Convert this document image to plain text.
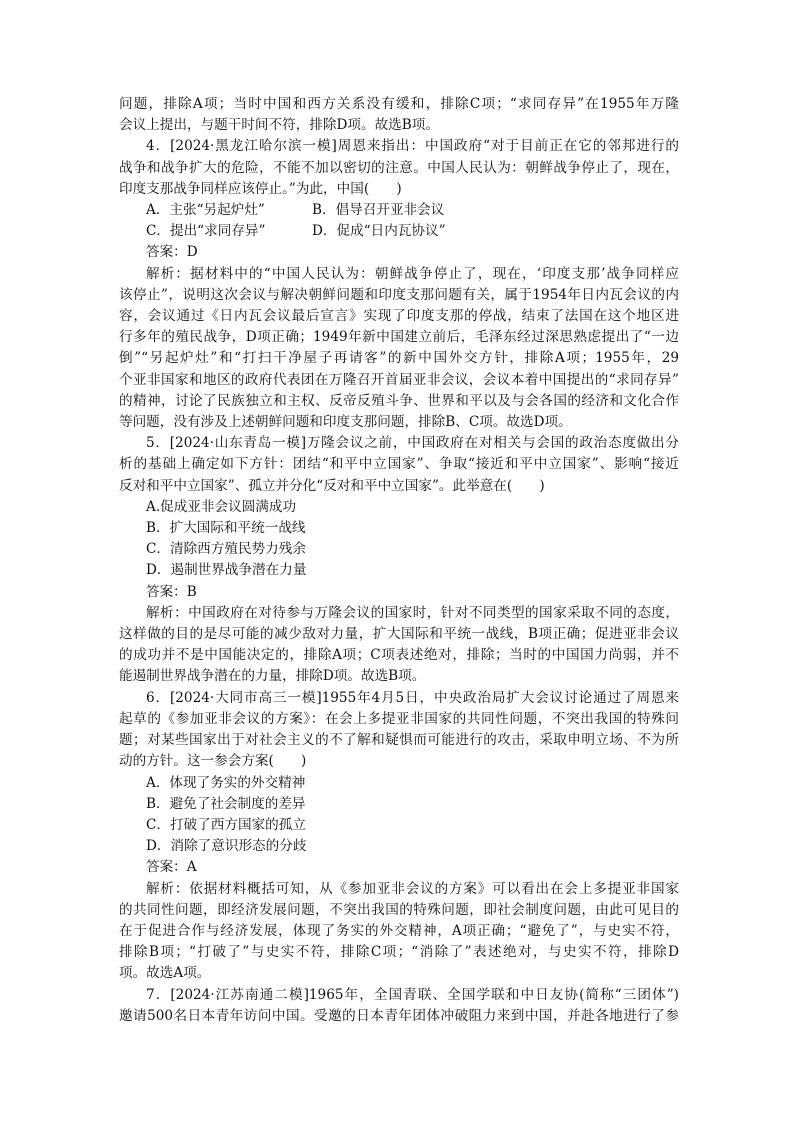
问题，排除A项；当时中国和西方关系没有缓和，排除C项；“求同存异”在1955年万隆
会议上提出，与题干时间不符，排除D项。故选B项。
4．[2024·黑龙江哈尔滨一模]周恩来指出：中国政府“对于目前正在它的邻邦进行的
战争和战争扩大的危险，不能不加以密切的注意。中国人民认为：朝鲜战争停止了，现在，
印度支那战争同样应该停止。”为此，中国(　　)
A．主张“另起炉灶”	B．倡导召开亚非会议
C．提出“求同存异”	D．促成“日内瓦协议”
答案：D
解析：据材料中的“中国人民认为：朝鲜战争停止了，现在，‘印度支那’战争同样应
该停止”，说明这次会议与解决朝鲜问题和印度支那问题有关，属于1954年日内瓦会议的内
容，会议通过《日内瓦会议最后宣言》实现了印度支那的停战，结束了法国在这个地区进
行多年的殖民战争，D项正确；1949年新中国建立前后，毛泽东经过深思熟虑提出了“一边
倒”“另起炉灶”和“打扫干净屋子再请客”的新中国外交方针，排除A项；1955年，29
个亚非国家和地区的政府代表团在万隆召开首届亚非会议，会议本着中国提出的“求同存异”
的精神，讨论了民族独立和主权、反帝反殖斗争、世界和平以及与会各国的经济和文化合作
等问题，没有涉及上述朝鲜问题和印度支那问题，排除B、C项。故选D项。
5．[2024·山东青岛一模]万隆会议之前，中国政府在对相关与会国的政治态度做出分
析的基础上确定如下方针：团结“和平中立国家”、争取“接近和平中立国家”、影响“接近
反对和平中立国家”、孤立并分化“反对和平中立国家”。此举意在(　　)
A.促成亚非会议圆满成功
B．扩大国际和平统一战线
C．清除西方殖民势力残余
D．遏制世界战争潜在力量
答案：B
解析：中国政府在对待参与万隆会议的国家时，针对不同类型的国家采取不同的态度，
这样做的目的是尽可能的减少敌对力量，扩大国际和平统一战线，B项正确；促进亚非会议
的成功并不是中国能决定的，排除A项；C项表述绝对，排除；当时的中国国力尚弱，并不
能遏制世界战争潜在的力量，排除D项。故选B项。
6．[2024·大同市高三一模]1955年4月5日，中央政治局扩大会议讨论通过了周恩来
起草的《参加亚非会议的方案》：在会上多提亚非国家的共同性问题，不突出我国的特殊问
题；对某些国家出于对社会主义的不了解和疑惧而可能进行的攻击，采取申明立场、不为所
动的方针。这一参会方案(　　)
A．体现了务实的外交精神
B．避免了社会制度的差异
C．打破了西方国家的孤立
D．消除了意识形态的分歧
答案：A
解析：依据材料概括可知，从《参加亚非会议的方案》可以看出在会上多提亚非国家
的共同性问题，即经济发展问题，不突出我国的特殊问题，即社会制度问题，由此可见目的
在于促进合作与经济发展，体现了务实的外交精神，A项正确；“避免了”，与史实不符，
排除B项；“打破了”与史实不符，排除C项；“消除了”表述绝对，与史实不符，排除D
项。故选A项。
7．[2024·江苏南通二模]1965年，全国青联、全国学联和中日友协(简称“三团体”)
邀请500名日本青年访问中国。受邀的日本青年团体冲破阻力来到中国，并赴各地进行了参
